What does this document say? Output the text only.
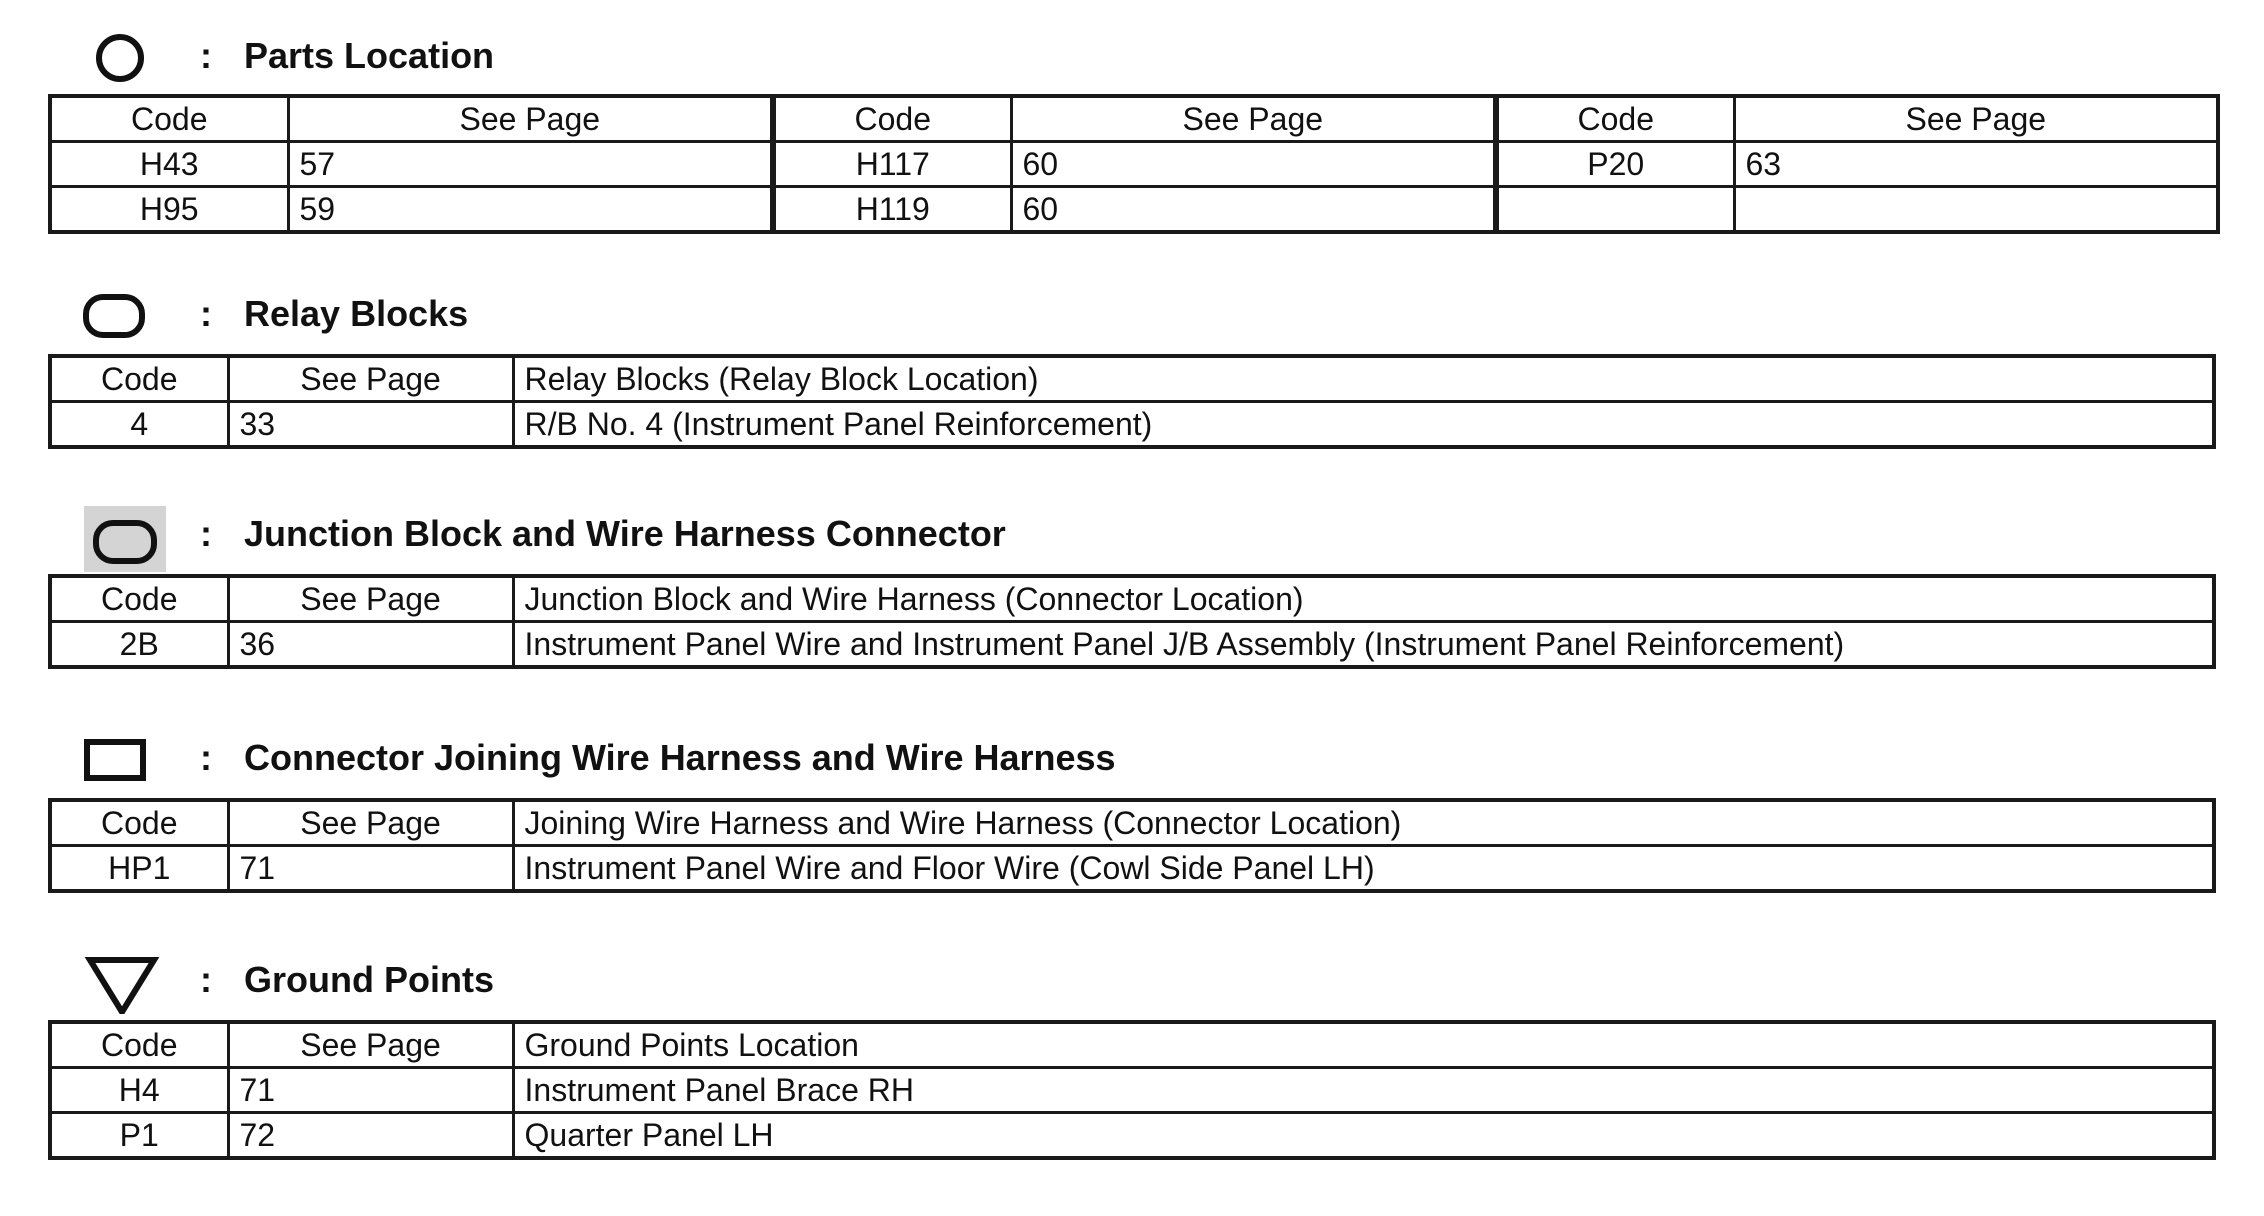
: Parts Location
Code	See Page	Code	See Page	Code	See Page
H43	57	H117	60	P20	63
H95	59	H119	60		
: Relay Blocks
Code	See Page	Relay Blocks (Relay Block Location)
4	33	R/B No. 4 (Instrument Panel Reinforcement)
: Junction Block and Wire Harness Connector
Code	See Page	Junction Block and Wire Harness (Connector Location)
2B	36	Instrument Panel Wire and Instrument Panel J/B Assembly (Instrument Panel Reinforcement)
: Connector Joining Wire Harness and Wire Harness
Code	See Page	Joining Wire Harness and Wire Harness (Connector Location)
HP1	71	Instrument Panel Wire and Floor Wire (Cowl Side Panel LH)
: Ground Points
Code	See Page	Ground Points Location
H4	71	Instrument Panel Brace RH
P1	72	Quarter Panel LH
